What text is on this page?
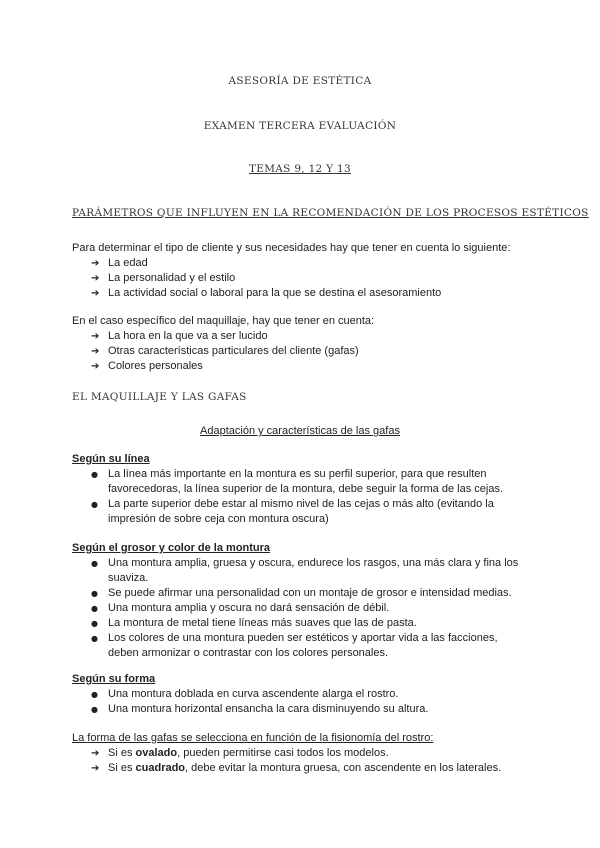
ASESORÍA DE ESTÉTICA
EXAMEN TERCERA EVALUACIÓN
TEMAS 9, 12 Y 13
PARÁMETROS QUE INFLUYEN EN LA RECOMENDACIÓN DE LOS PROCESOS ESTÉTICOS
Para determinar el tipo de cliente y sus necesidades hay que tener en cuenta lo siguiente:
➔ La edad
➔ La personalidad y el estilo
➔ La actividad social o laboral para la que se destina el asesoramiento
En el caso específico del maquillaje, hay que tener en cuenta:
➔ La hora en la que va a ser lucido
➔ Otras características particulares del cliente (gafas)
➔ Colores personales
EL MAQUILLAJE Y LAS GAFAS
Adaptación y características de las gafas
Según su línea
● La línea más importante en la montura es su perfil superior, para que resulten favorecedoras, la línea superior de la montura, debe seguir la forma de las cejas.
● La parte superior debe estar al mismo nivel de las cejas o más alto (evitando la impresión de sobre ceja con montura oscura)
Según el grosor y color de la montura
● Una montura amplia, gruesa y oscura, endurece los rasgos, una más clara y fina los suaviza.
● Se puede afirmar una personalidad con un montaje de grosor e intensidad medias.
● Una montura amplia y oscura no dará sensación de débil.
● La montura de metal tiene líneas más suaves que las de pasta.
● Los colores de una montura pueden ser estéticos y aportar vida a las facciones, deben armonizar o contrastar con los colores personales.
Según su forma
● Una montura doblada en curva ascendente alarga el rostro.
● Una montura horizontal ensancha la cara disminuyendo su altura.
La forma de las gafas se selecciona en función de la fisionomía del rostro:
➔ Si es ovalado, pueden permitirse casi todos los modelos.
➔ Si es cuadrado, debe evitar la montura gruesa, con ascendente en los laterales.
